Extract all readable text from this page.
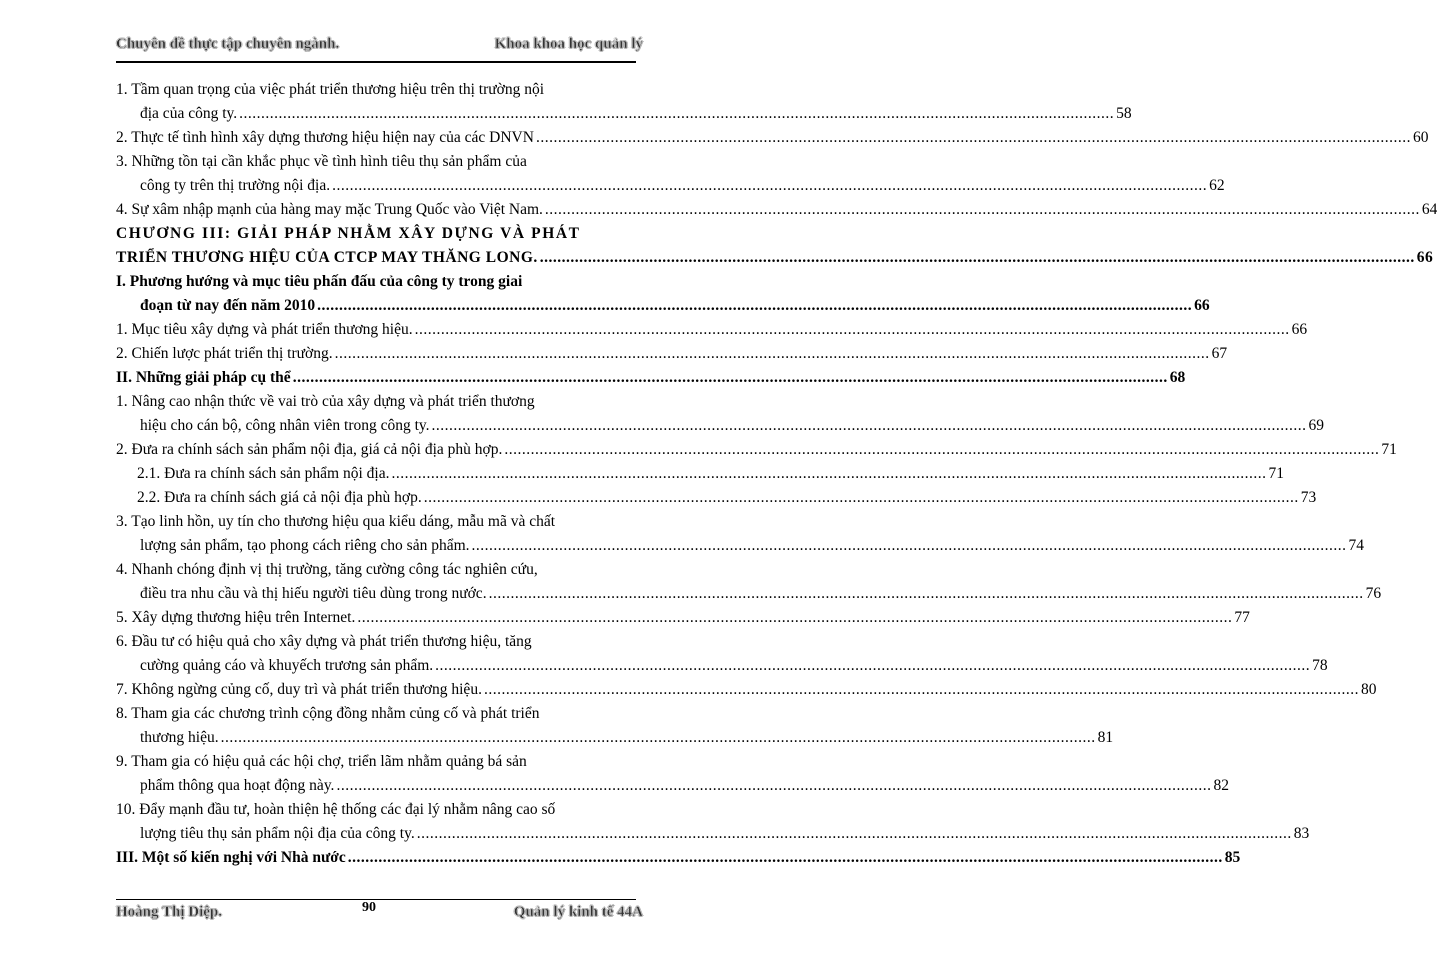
Chuyên đề thực tập chuyên ngành.	Khoa khoa học quản lý
1. Tầm quan trọng của việc phát triển thương hiệu trên thị trường nội
địa của công ty. ........................................................................................................................................................................................................ 58
2. Thực tế tình hình xây dựng thương hiệu hiện nay của các DNVN ........................................................................................................................................................................................................ 60
3. Những tồn tại cần khắc phục về tình hình tiêu thụ sản phẩm của
công ty trên thị trường nội địa. ........................................................................................................................................................................................................ 62
4. Sự xâm nhập mạnh của hàng may mặc Trung Quốc vào Việt Nam. ........................................................................................................................................................................................................ 64
CHƯƠNG III: GIẢI PHÁP NHẰM XÂY DỰNG VÀ PHÁT
TRIỂN THƯƠNG HIỆU CỦA CTCP MAY THĂNG LONG. ........................................................................................................................................................................................................ 66
I. Phương hướng và mục tiêu phấn đấu của công ty trong giai
đoạn từ nay đến năm 2010 ........................................................................................................................................................................................................ 66
1. Mục tiêu xây dựng và phát triển thương hiệu. ........................................................................................................................................................................................................ 66
2. Chiến lược phát triển thị trường. ........................................................................................................................................................................................................ 67
II. Những giải pháp cụ thể ........................................................................................................................................................................................................ 68
1. Nâng cao nhận thức về vai trò của xây dựng và phát triển thương
hiệu cho cán bộ, công nhân viên trong công ty. ........................................................................................................................................................................................................ 69
2. Đưa ra chính sách sản phẩm nội địa, giá cả nội địa phù hợp. ........................................................................................................................................................................................................ 71
2.1. Đưa ra chính sách sản phẩm nội địa. ........................................................................................................................................................................................................ 71
2.2. Đưa ra chính sách giá cả nội địa phù hợp. ........................................................................................................................................................................................................ 73
3. Tạo linh hồn, uy tín cho thương hiệu qua kiểu dáng, mẫu mã và chất
lượng sản phẩm, tạo phong cách riêng cho sản phẩm. ........................................................................................................................................................................................................ 74
4. Nhanh chóng định vị thị trường, tăng cường công tác nghiên cứu,
điều tra nhu cầu và thị hiếu người tiêu dùng trong nước. ........................................................................................................................................................................................................ 76
5. Xây dựng thương hiệu trên Internet. ........................................................................................................................................................................................................ 77
6. Đầu tư có hiệu quả cho xây dựng và phát triển thương hiệu, tăng
cường quảng cáo và khuyếch trương sản phẩm. ........................................................................................................................................................................................................ 78
7. Không ngừng củng cố, duy trì và phát triển thương hiệu. ........................................................................................................................................................................................................ 80
8. Tham gia các chương trình cộng đồng nhằm củng cố và phát triển
thương hiệu. ........................................................................................................................................................................................................ 81
9. Tham gia có hiệu quả các hội chợ, triển lãm nhằm quảng bá sản
phẩm thông qua hoạt động này. ........................................................................................................................................................................................................ 82
10. Đẩy mạnh đầu tư, hoàn thiện hệ thống các đại lý nhằm nâng cao số
lượng tiêu thụ sản phẩm nội địa của công ty. ........................................................................................................................................................................................................ 83
III. Một số kiến nghị với Nhà nước ........................................................................................................................................................................................................ 85
Hoàng Thị Diệp.	90	Quản lý kinh tế 44A
